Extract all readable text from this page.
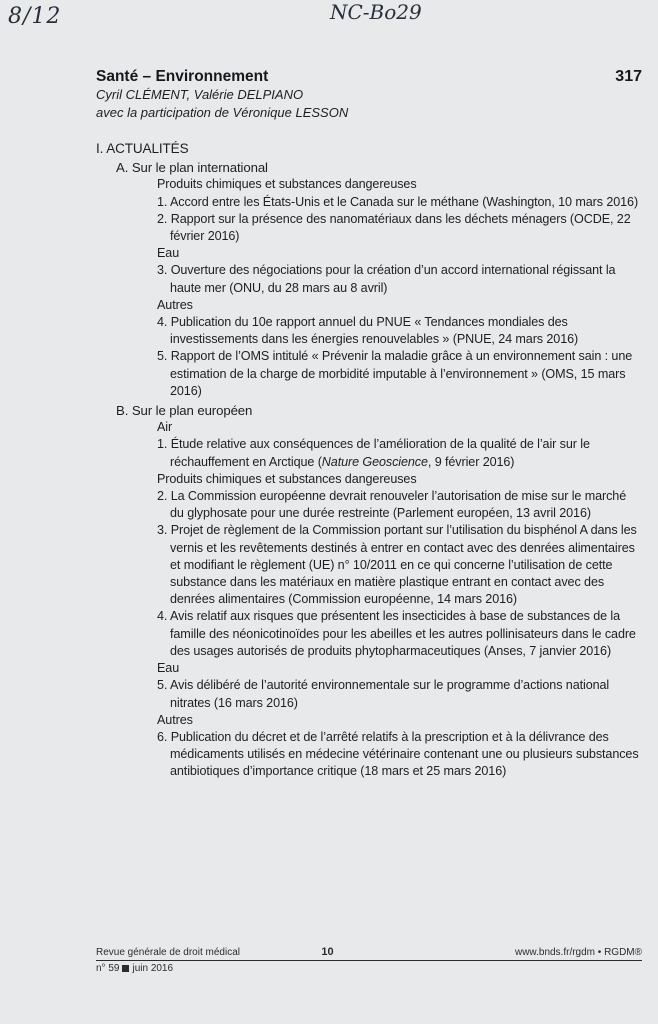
8/12	NC-Bo29
Santé – Environnement	317
Cyril CLÉMENT, Valérie DELPIANO
avec la participation de Véronique LESSON
I. ACTUALITÉS
A. Sur le plan international
Produits chimiques et substances dangereuses
1. Accord entre les États-Unis et le Canada sur le méthane (Washington, 10 mars 2016)
2. Rapport sur la présence des nanomatériaux dans les déchets ménagers (OCDE, 22 février 2016)
Eau
3. Ouverture des négociations pour la création d’un accord international régissant la haute mer (ONU, du 28 mars au 8 avril)
Autres
4. Publication du 10e rapport annuel du PNUE « Tendances mondiales des investissements dans les énergies renouvelables » (PNUE, 24 mars 2016)
5. Rapport de l’OMS intitulé « Prévenir la maladie grâce à un environnement sain : une estimation de la charge de morbidité imputable à l’environnement » (OMS, 15 mars 2016)
B. Sur le plan européen
Air
1. Étude relative aux conséquences de l’amélioration de la qualité de l’air sur le réchauffement en Arctique (Nature Geoscience, 9 février 2016)
Produits chimiques et substances dangereuses
2. La Commission européenne devrait renouveler l’autorisation de mise sur le marché du glyphosate pour une durée restreinte (Parlement européen, 13 avril 2016)
3. Projet de règlement de la Commission portant sur l’utilisation du bisphénol A dans les vernis et les revêtements destinés à entrer en contact avec des denrées alimentaires et modifiant le règlement (UE) n° 10/2011 en ce qui concerne l’utilisation de cette substance dans les matériaux en matière plastique entrant en contact avec des denrées alimentaires (Commission européenne, 14 mars 2016)
4. Avis relatif aux risques que présentent les insecticides à base de substances de la famille des néonicotinoïdes pour les abeilles et les autres pollinisateurs dans le cadre des usages autorisés de produits phytopharmaceutiques (Anses, 7 janvier 2016)
Eau
5. Avis délibéré de l’autorité environnementale sur le programme d’actions national nitrates (16 mars 2016)
Autres
6. Publication du décret et de l’arrêté relatifs à la prescription et à la délivrance des médicaments utilisés en médecine vétérinaire contenant une ou plusieurs substances antibiotiques d’importance critique (18 mars et 25 mars 2016)
Revue générale de droit médical	10	www.bnds.fr/rgdm • RGDM®
n° 59 juin 2016
